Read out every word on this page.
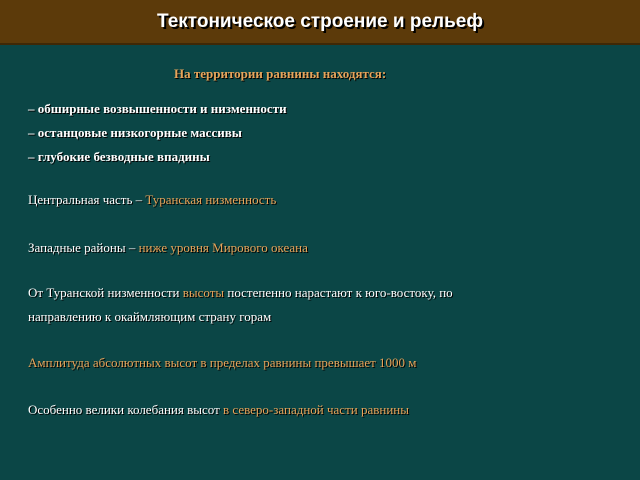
Тектоническое строение и рельеф
На территории равнины находятся:
– обширные возвышенности и низменности
– останцовые низкогорные массивы
– глубокие безводные впадины
Центральная часть – Туранская низменность
Западные районы – ниже уровня Мирового океана
От Туранской низменности высоты постепенно нарастают к юго-востоку, по
направлению к окаймляющим страну горам
Амплитуда абсолютных высот в пределах равнины превышает 1000 м
Особенно велики колебания высот в северо-западной части равнины
